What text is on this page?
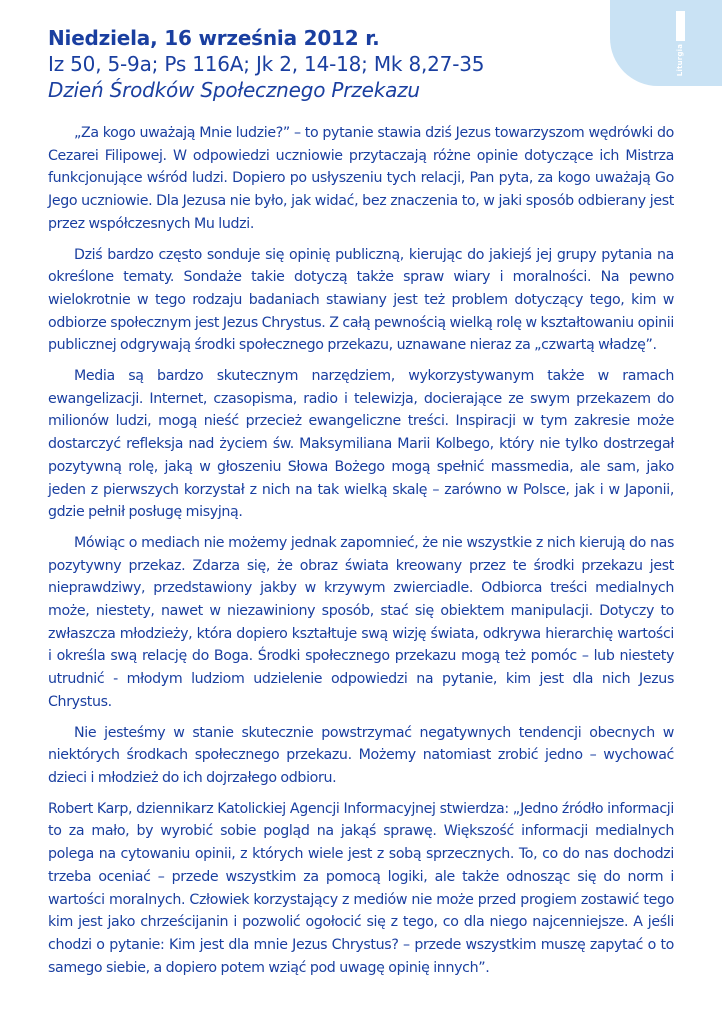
Liturgia
Niedziela, 16 września 2012 r.
Iz 50, 5-9a; Ps 116A; Jk 2, 14-18; Mk 8,27-35
Dzień Środków Społecznego Przekazu

„Za kogo uważają Mnie ludzie?” – to pytanie stawia dziś Jezus towarzyszom wędrówki do Cezarei Filipowej. W odpowiedzi uczniowie przytaczają różne opinie dotyczące ich Mistrza funkcjonujące wśród ludzi. Dopiero po usłyszeniu tych relacji, Pan pyta, za kogo uważają Go Jego uczniowie. Dla Jezusa nie było, jak widać, bez znaczenia to, w jaki sposób odbierany jest przez współczesnych Mu ludzi.

Dziś bardzo często sonduje się opinię publiczną, kierując do jakiejś jej grupy pytania na określone tematy. Sondaże takie dotyczą także spraw wiary i moralności. Na pewno wielokrotnie w tego rodzaju badaniach stawiany jest też problem dotyczący tego, kim w odbiorze społecznym jest Jezus Chrystus. Z całą pewnością wielką rolę w kształtowaniu opinii publicznej odgrywają środki społecznego przekazu, uznawane nieraz za „czwartą władzę”.

Media są bardzo skutecznym narzędziem, wykorzystywanym także w ramach ewangelizacji. Internet, czasopisma, radio i telewizja, docierające ze swym przekazem do milionów ludzi, mogą nieść przecież ewangeliczne treści. Inspiracji w tym zakresie może dostarczyć refleksja nad życiem św. Maksymiliana Marii Kolbego, który nie tylko dostrzegał pozytywną rolę, jaką w głoszeniu Słowa Bożego mogą spełnić massmedia, ale sam, jako jeden z pierwszych korzystał z nich na tak wielką skalę – zarówno w Polsce, jak i w Japonii, gdzie pełnił posługę misyjną.

Mówiąc o mediach nie możemy jednak zapomnieć, że nie wszystkie z nich kierują do nas pozytywny przekaz. Zdarza się, że obraz świata kreowany przez te środki przekazu jest nieprawdziwy, przedstawiony jakby w krzywym zwierciadle. Odbiorca treści medialnych może, niestety, nawet w niezawiniony sposób, stać się obiektem manipulacji. Dotyczy to zwłaszcza młodzieży, która dopiero kształtuje swą wizję świata, odkrywa hierarchię wartości i określa swą relację do Boga. Środki społecznego przekazu mogą też pomóc – lub niestety utrudnić - młodym ludziom udzielenie odpowiedzi na pytanie, kim jest dla nich Jezus Chrystus.

Nie jesteśmy w stanie skutecznie powstrzymać negatywnych tendencji obecnych w niektórych środkach społecznego przekazu. Możemy natomiast zrobić jedno – wychować dzieci i młodzież do ich dojrzałego odbioru.

Robert Karp, dziennikarz Katolickiej Agencji Informacyjnej stwierdza: „Jedno źródło informacji to za mało, by wyrobić sobie pogląd na jakąś sprawę. Większość informacji medialnych polega na cytowaniu opinii, z których wiele jest z sobą sprzecznych. To, co do nas dochodzi trzeba oceniać – przede wszystkim za pomocą logiki, ale także odnosząc się do norm i wartości moralnych. Człowiek korzystający z mediów nie może przed progiem zostawić tego kim jest jako chrześcijanin i pozwolić ogołocić się z tego, co dla niego najcenniejsze. A jeśli chodzi o pytanie: Kim jest dla mnie Jezus Chrystus? – przede wszystkim muszę zapytać o to samego siebie, a dopiero potem wziąć pod uwagę opinię innych”.
